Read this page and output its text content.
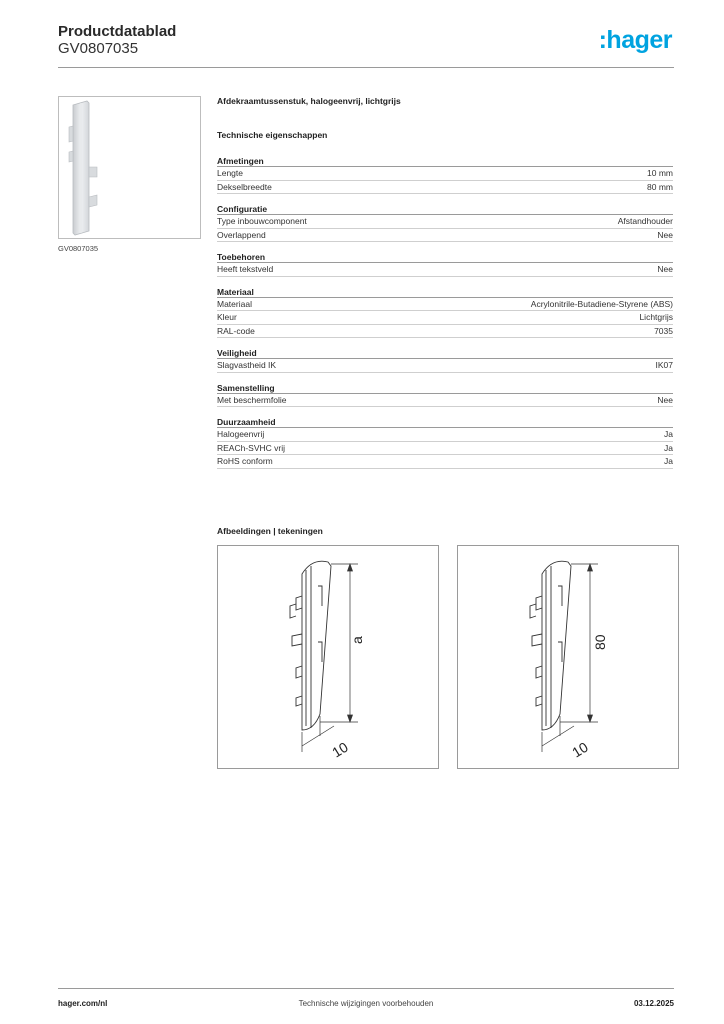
Productdatablad
GV0807035	:hager
GV0807035
Afdekraamtussenstuk, halogeenvrij, lichtgrijs
Technische eigenschappen
Afmetingen
Lengte	10 mm
Dekselbreedte	80 mm
Configuratie
Type inbouwcomponent	Afstandhouder
Overlappend	Nee
Toebehoren
Heeft tekstveld	Nee
Materiaal
Materiaal	Acrylonitrile-Butadiene-Styrene (ABS)
Kleur	Lichtgrijs
RAL-code	7035
Veiligheid
Slagvastheid IK	IK07
Samenstelling
Met beschermfolie	Nee
Duurzaamheid
Halogeenvrij	Ja
REACh-SVHC vrij	Ja
RoHS conform	Ja
Afbeeldingen | tekeningen
a
10
80
10
Technische wijzigingen voorbehouden
hager.com/nl	03.12.2025
